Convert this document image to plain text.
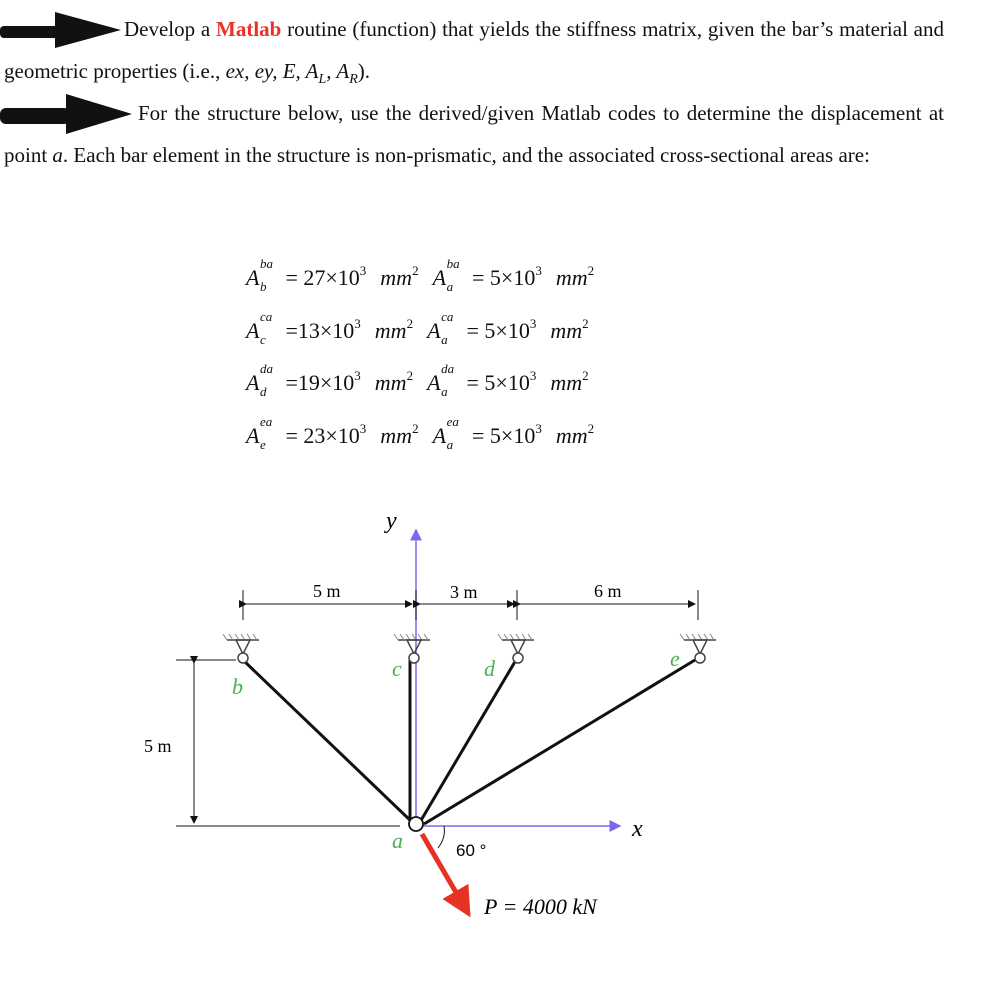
Develop a Matlab routine (function) that yields the stiffness matrix, given the bar’s material and geometric properties (i.e., ex, ey, E, $A_L$, $A_R$).
For the structure below, use the derived/given Matlab codes to determine the displacement at point a. Each bar element in the structure is non-prismatic, and the associated cross-sectional areas are:
A
ba
$b = 27\times 10^3$ $mm^2$ A
ba
$a = 5\times 10^3$ $mm^2$
A
ca
$c =13\times 10^3$ $mm^2$ A
ca
$a = 5\times 10^3$ $mm^2$
A
da
$d =19\times 10^3$ $mm^2$ A
da
$a = 5\times 10^3$ $mm^2$
A
ea
$e = 23\times 10^3$ $mm^2$ A
ea
$a = 5\times 10^3$ $mm^2$
y
x
5 m	3 m	6 m
5 m
a
b
c	d	e
60 °
P = 4000 kN
